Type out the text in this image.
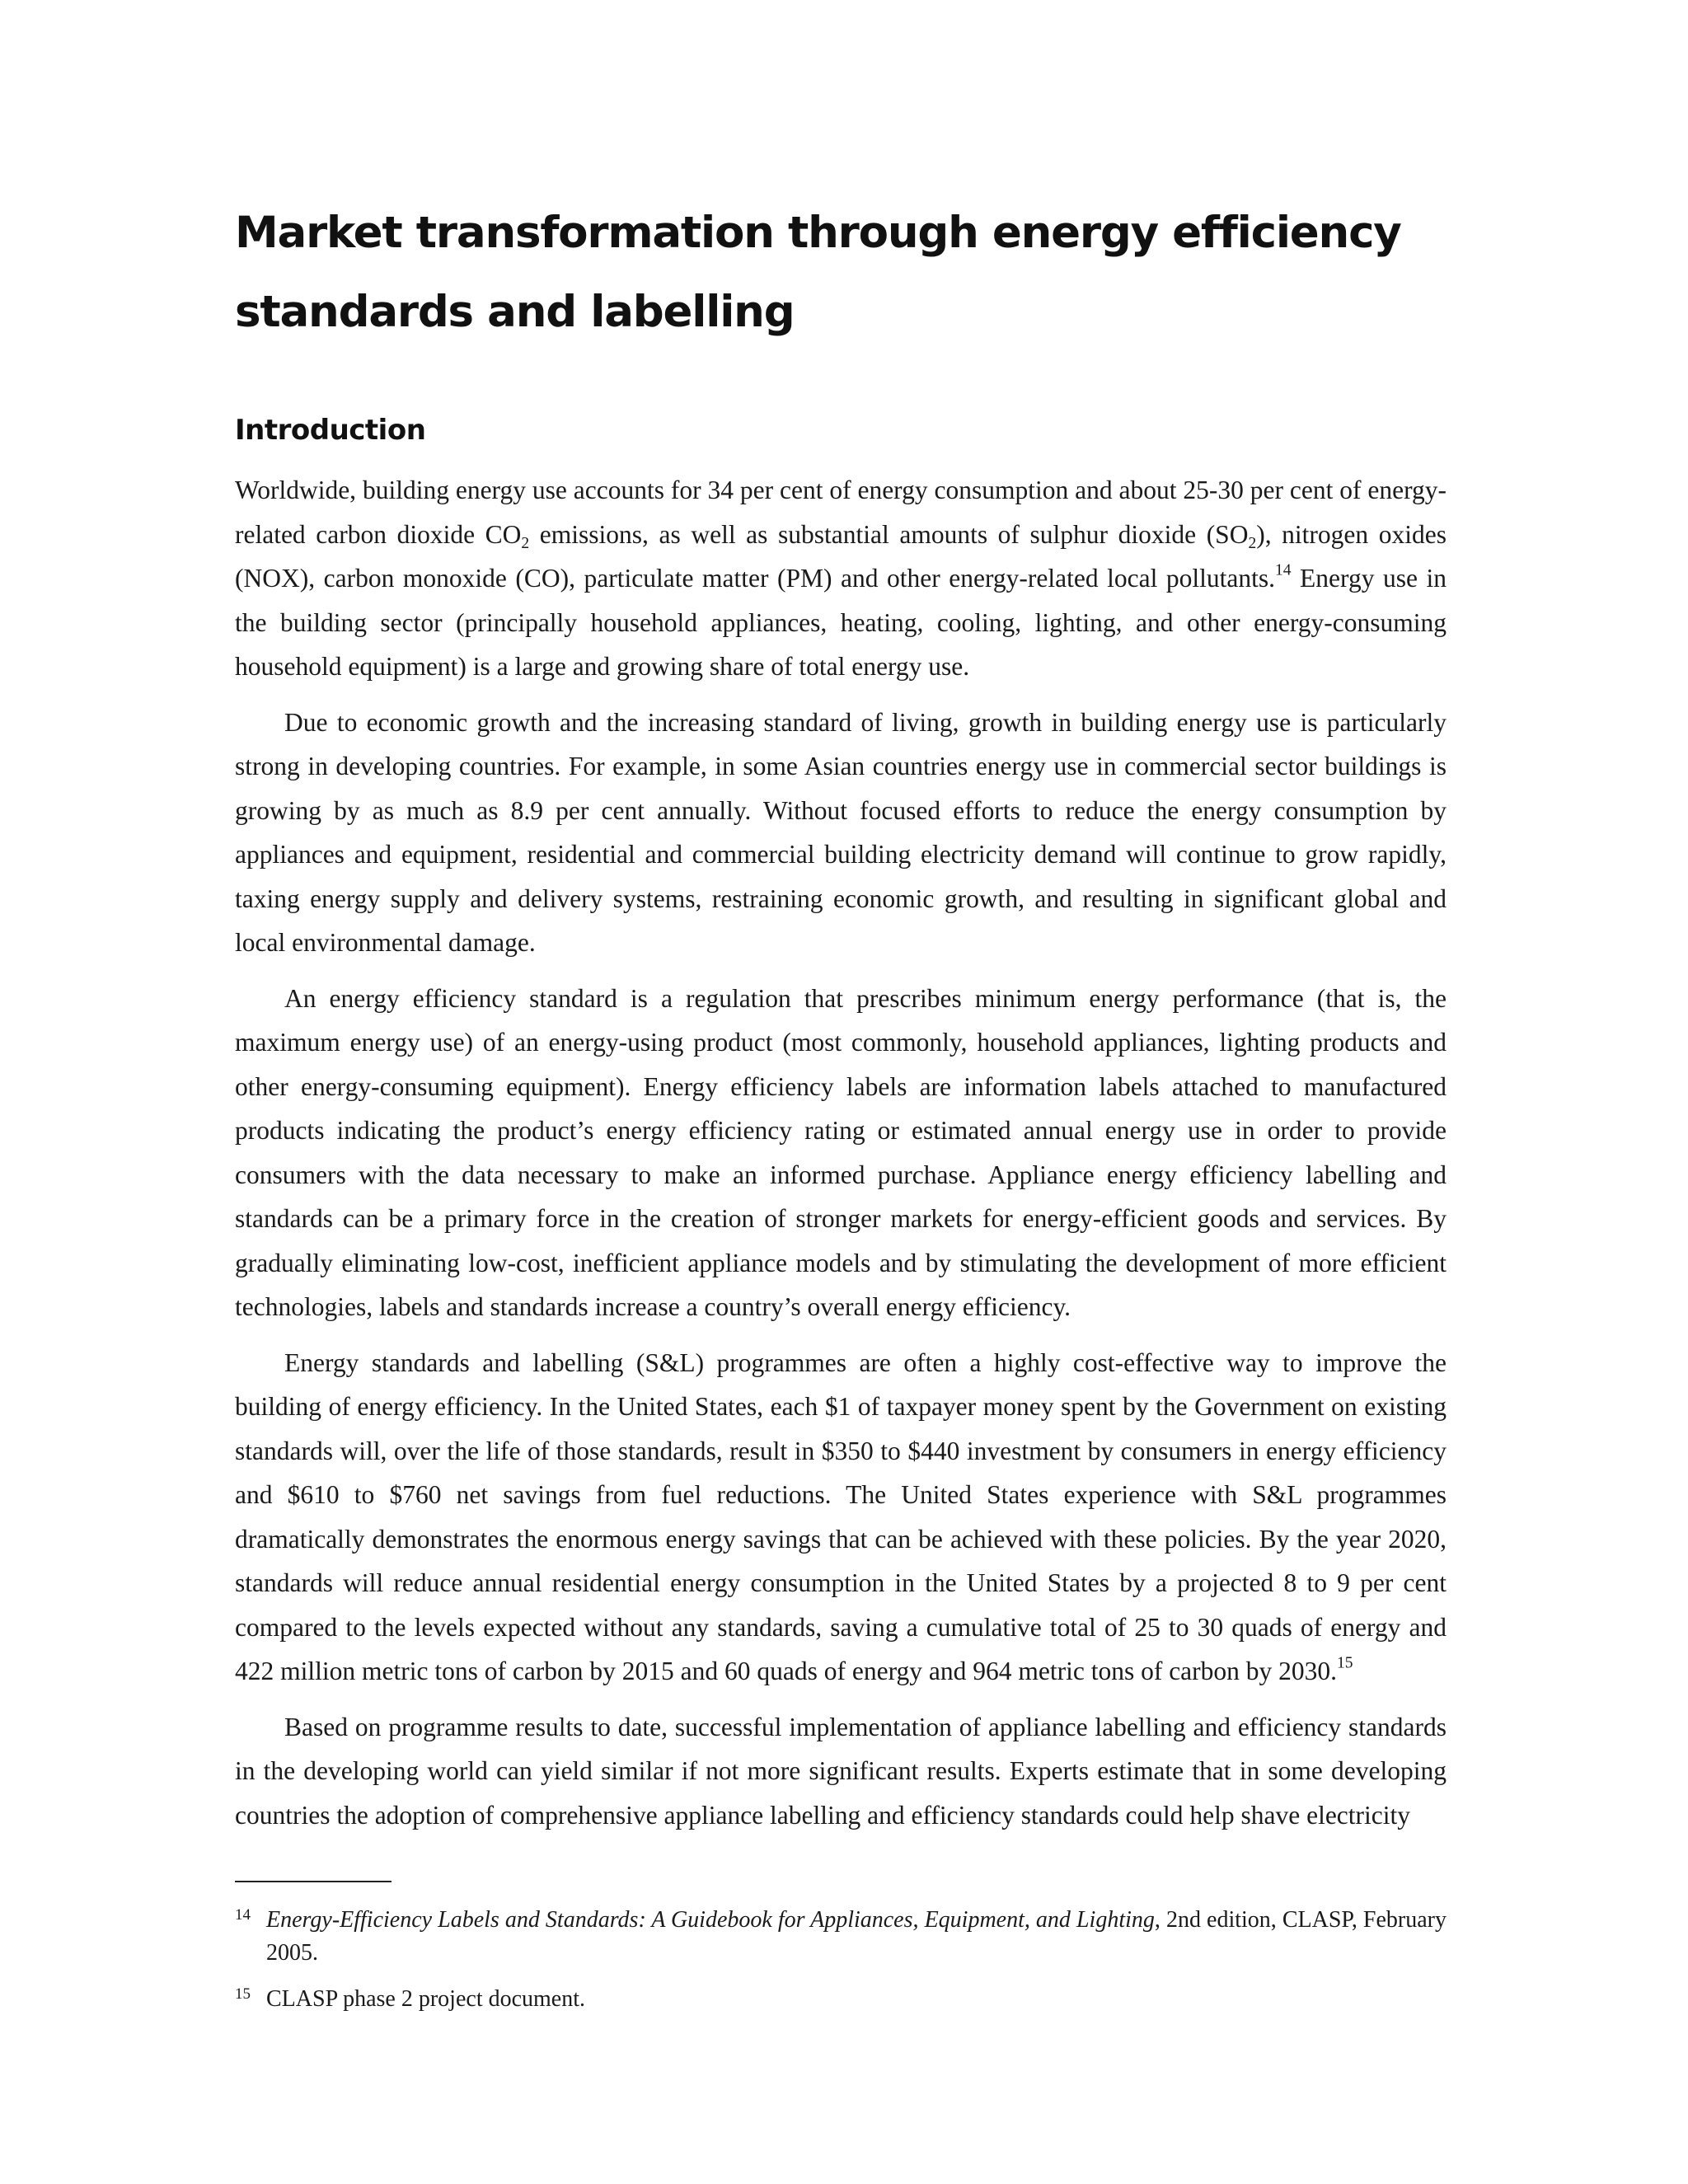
Market transformation through energy efficiency
standards and labelling
Introduction

Worldwide, building energy use accounts for 34 per cent of energy consumption and about 25-30 per cent of energy-related carbon dioxide $CO_2$ emissions, as well as substantial amounts of sulphur dioxide $(SO_2)$, nitrogen oxides (NOX), carbon monoxide (CO), particulate matter (PM) and other energy-related local pollutants.$^{14}$ Energy use in the building sector (principally household appliances, heating, cooling, lighting, and other energy-consuming household equipment) is a large and growing share of total energy use.

Due to economic growth and the increasing standard of living, growth in building energy use is particularly strong in developing countries. For example, in some Asian countries energy use in commercial sector buildings is growing by as much as 8.9 per cent annually. Without focused efforts to reduce the energy consumption by appliances and equipment, residential and commercial building electricity demand will continue to grow rapidly, taxing energy supply and delivery systems, restraining economic growth, and resulting in significant global and local environmental damage.

An energy efficiency standard is a regulation that prescribes minimum energy performance (that is, the maximum energy use) of an energy-using product (most commonly, household appliances, lighting products and other energy-consuming equipment). Energy efficiency labels are information labels attached to manufactured products indicating the product’s energy efficiency rating or estimated annual energy use in order to provide consumers with the data necessary to make an informed purchase. Appliance energy efficiency labelling and standards can be a primary force in the creation of stronger markets for energy-efficient goods and services. By gradually eliminating low-cost, inefficient appliance models and by stimulating the development of more efficient technologies, labels and standards increase a country’s overall energy efficiency.

Energy standards and labelling (S&L) programmes are often a highly cost-effective way to improve the building of energy efficiency. In the United States, each $1 of taxpayer money spent by the Government on existing standards will, over the life of those standards, result in $350 to $440 investment by consumers in energy efficiency and $610 to $760 net savings from fuel reductions. The United States experience with S&L programmes dramatically demonstrates the enormous energy savings that can be achieved with these policies. By the year 2020, standards will reduce annual residential energy consumption in the United States by a projected 8 to 9 per cent compared to the levels expected without any standards, saving a cumulative total of 25 to 30 quads of energy and 422 million metric tons of carbon by 2015 and 60 quads of energy and 964 metric tons of carbon by 2030.15

Based on programme results to date, successful implementation of appliance labelling and efficiency standards in the developing world can yield similar if not more significant results. Experts estimate that in some developing countries the adoption of comprehensive appliance labelling and efficiency standards could help shave electricity

14 Energy-Efficiency Labels and Standards: A Guidebook for Appliances, Equipment, and Lighting, 2nd edition, CLASP, February 2005.

15 CLASP phase 2 project document.
